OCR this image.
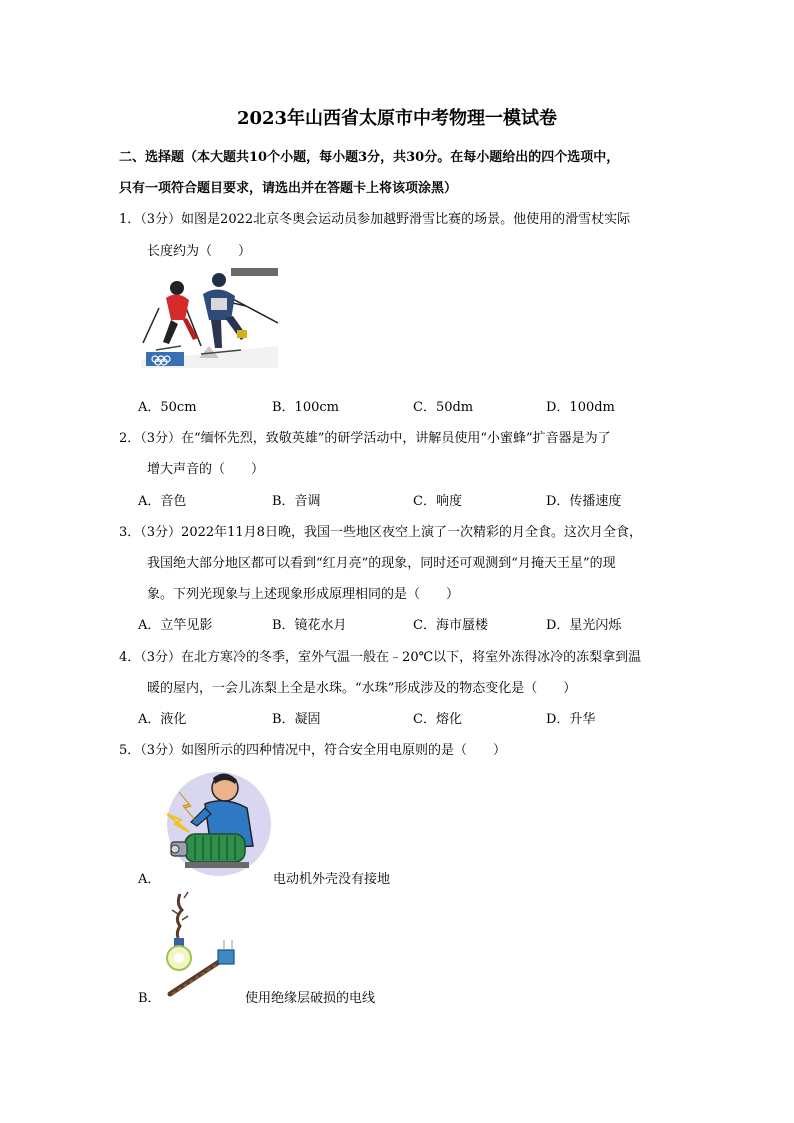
2023年山西省太原市中考物理一模试卷
二、选择题（本大题共10个小题，每小题3分，共30分。在每小题给出的四个选项中，
只有一项符合题目要求，请选出并在答题卡上将该项涂黑）
1．（3分）如图是2022北京冬奥会运动员参加越野滑雪比赛的场景。他使用的滑雪杖实际
长度约为（　　）
A．50cm	B．100cm	C．50dm	D．100dm
2．（3分）在“缅怀先烈，致敬英雄”的研学活动中，讲解员使用“小蜜蜂”扩音器是为了
增大声音的（　　）
A．音色	B．音调	C．响度	D．传播速度
3．（3分）2022年11月8日晚，我国一些地区夜空上演了一次精彩的月全食。这次月全食，
我国绝大部分地区都可以看到“红月亮”的现象，同时还可观测到“月掩天王星”的现
象。下列光现象与上述现象形成原理相同的是（　　）
A．立竿见影	B．镜花水月	C．海市蜃楼	D．星光闪烁
4．（3分）在北方寒冷的冬季，室外气温一般在﹣20℃以下，将室外冻得冰冷的冻梨拿到温
暖的屋内，一会儿冻梨上全是水珠。“水珠”形成涉及的物态变化是（　　）
A．液化	B．凝固	C．熔化	D．升华
5．（3分）如图所示的四种情况中，符合安全用电原则的是（　　）
A．	电动机外壳没有接地
B．	使用绝缘层破损的电线
